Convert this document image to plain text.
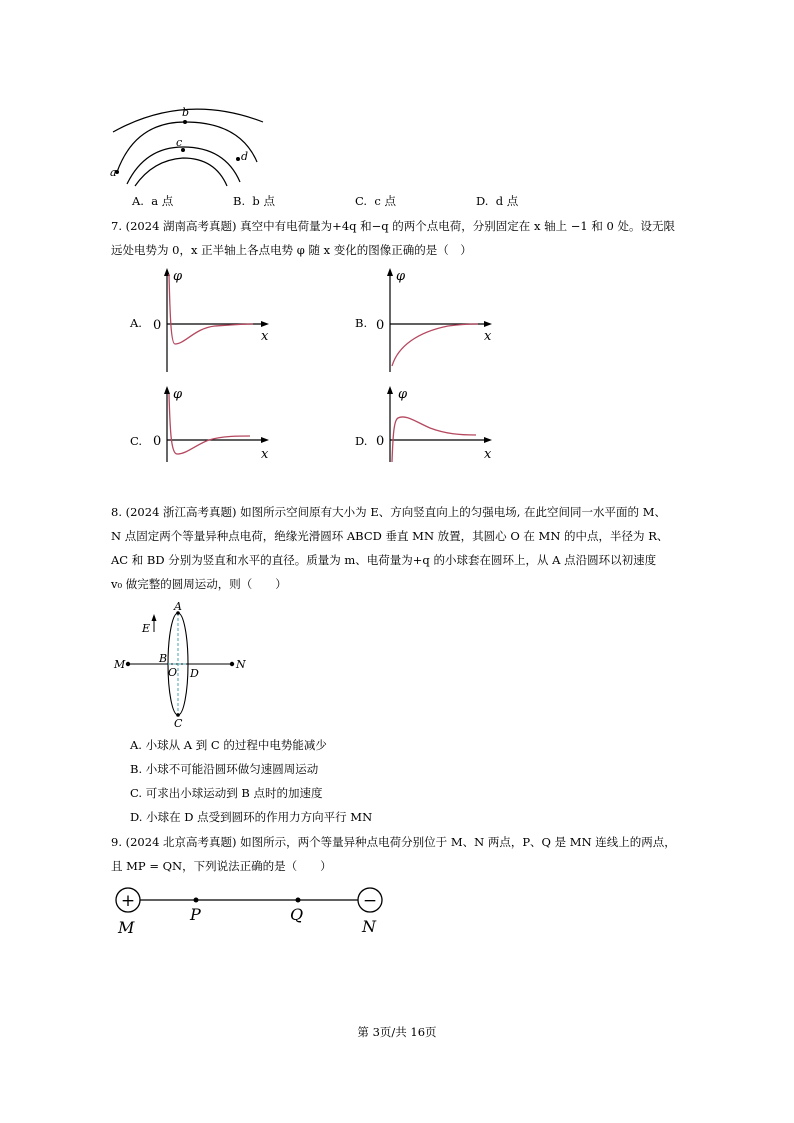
a
b
c
d
A. a 点	B. b 点	C. c 点	D. d 点
7. (2024 湖南高考真题) 真空中有电荷量为+4q 和−q 的两个点电荷，分别固定在 x 轴上 −1 和 0 处。设无限
远处电势为 0，x 正半轴上各点电势 φ 随 x 变化的图像正确的是（　）
A.
φ
0
x
B.
φ
0
x
C.
φ
0
x
D.
φ
0
x
8. (2024 浙江高考真题) 如图所示空间原有大小为 E、方向竖直向上的匀强电场, 在此空间同一水平面的 M、
N 点固定两个等量异种点电荷，绝缘光滑圆环 ABCD 垂直 MN 放置，其圆心 O 在 MN 的中点，半径为 R、
AC 和 BD 分别为竖直和水平的直径。质量为 m、电荷量为+q 的小球套在圆环上，从 A 点沿圆环以初速度
v₀ 做完整的圆周运动，则（　　）
E
A
C
B
O D
M	N
A. 小球从 A 到 C 的过程中电势能减少
B. 小球不可能沿圆环做匀速圆周运动
C. 可求出小球运动到 B 点时的加速度
D. 小球在 D 点受到圆环的作用力方向平行 MN
9. (2024 北京高考真题) 如图所示，两个等量异种点电荷分别位于 M、N 两点，P、Q 是 MN 连线上的两点，
且 MP = QN，下列说法正确的是（　　）
+	−
M
P	Q
N
第 3页/共 16页
